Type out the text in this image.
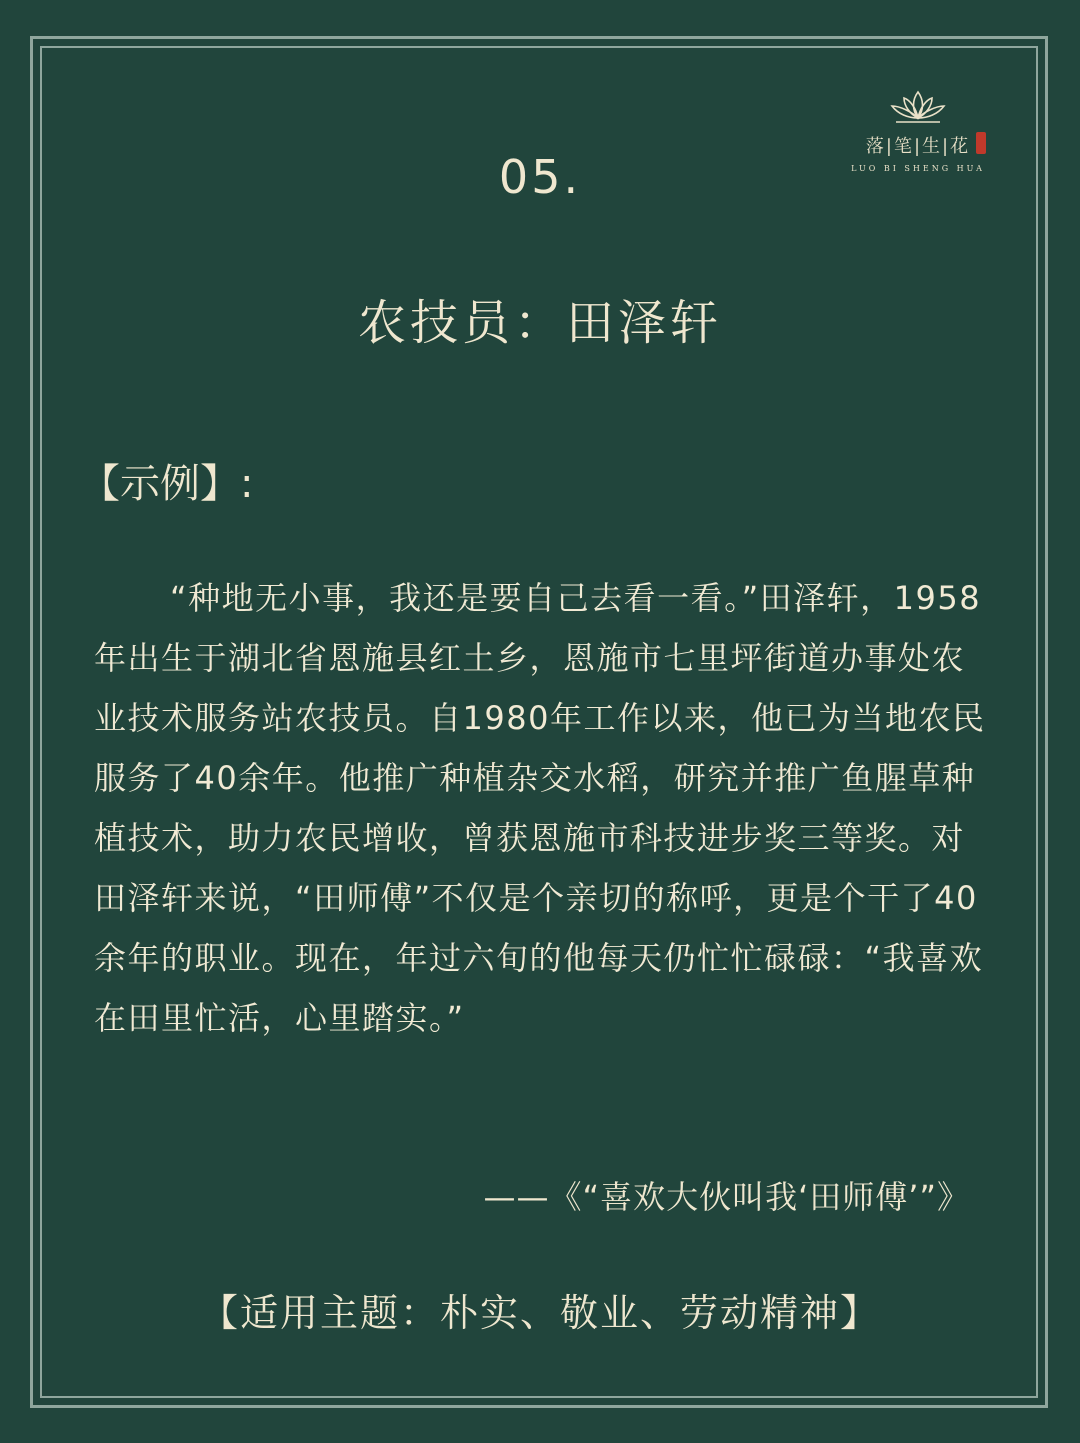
落|笔|生|花
LUO BI SHENG HUA
05.
农技员：田泽轩
【示例】:

“种地无小事，我还是要自己去看一看。”田泽轩，1958年出生于湖北省恩施县红土乡，恩施市七里坪街道办事处农业技术服务站农技员。自1980年工作以来，他已为当地农民服务了40余年。他推广种植杂交水稻，研究并推广鱼腥草种植技术，助力农民增收，曾获恩施市科技进步奖三等奖。对田泽轩来说，“田师傅”不仅是个亲切的称呼，更是个干了40余年的职业。现在，年过六旬的他每天仍忙忙碌碌：“我喜欢在田里忙活，心里踏实。”

——《“喜欢大伙叫我‘田师傅’”》
【适用主题：朴实、敬业、劳动精神】
